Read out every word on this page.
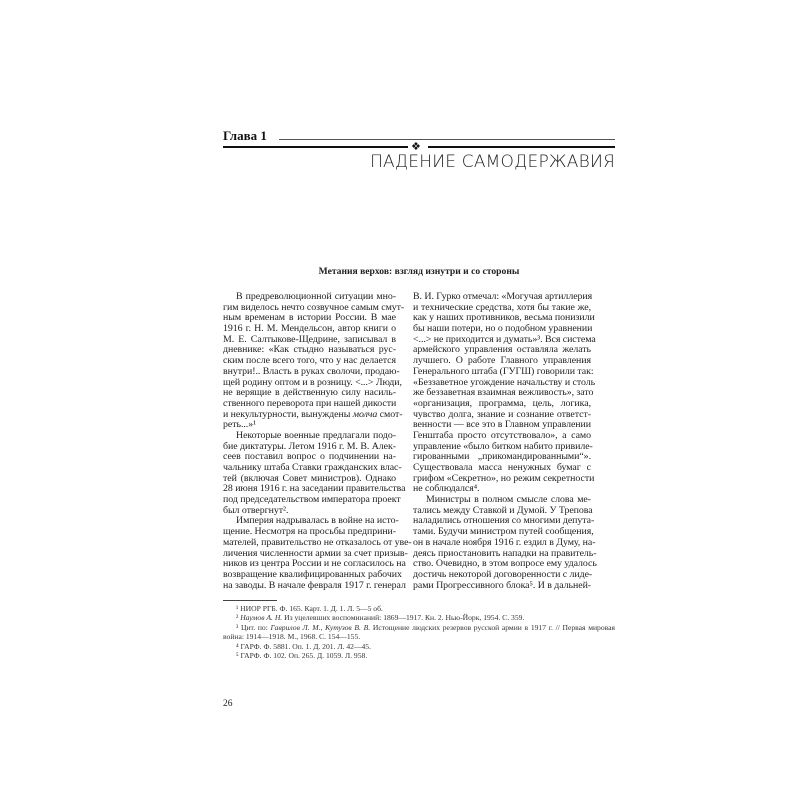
Глава 1
❖
ПАДЕНИЕ САМОДЕРЖАВИЯ
Метания верхов: взгляд изнутри и со стороны
В предреволюционной ситуации мно-
гим виделось нечто созвучное самым смут-
ным временам в истории России. В мае
1916 г. Н. М. Мендельсон, автор книги о
М. Е. Салтыкове-Щедрине, записывал в
дневнике: «Как стыдно называться рус-
ским после всего того, что у нас делается
внутри!.. Власть в руках сволочи, продаю-
щей родину оптом и в розницу. <...> Люди,
не верящие в действенную силу насиль-
ственного переворота при нашей дикости
и некультурности, вынуждены молча смот-
реть...»¹
Некоторые военные предлагали подо-
бие диктатуры. Летом 1916 г. М. В. Алек-
сеев поставил вопрос о подчинении на-
чальнику штаба Ставки гражданских влас-
тей (включая Совет министров). Однако
28 июня 1916 г. на заседании правительства
под председательством императора проект
был отвергнут².
Империя надрывалась в войне на исто-
щение. Несмотря на просьбы предприни-
мателей, правительство не отказалось от уве-
личения численности армии за счет призыв-
ников из центра России и не согласилось на
возвращение квалифицированных рабочих
на заводы. В начале февраля 1917 г. генерал
В. И. Гурко отмечал: «Могучая артиллерия
и технические средства, хотя бы такие же,
как у наших противников, весьма понизили
бы наши потери, но о подобном уравнении
<...> не приходится и думать»³. Вся система
армейского управления оставляла желать
лучшего. О работе Главного управления
Генерального штаба (ГУГШ) говорили так:
«Беззаветное угождение начальству и столь
же беззаветная взаимная вежливость», зато
«организация, программа, цель, логика,
чувство долга, знание и сознание ответст-
венности — все это в Главном управлении
Генштаба просто отсутствовало», а само
управление «было битком набито привиле-
гированными „прикомандированными“».
Существовала масса ненужных бумаг с
грифом «Секретно», но режим секретности
не соблюдался⁴.
Министры в полном смысле слова ме-
тались между Ставкой и Думой. У Трепова
наладились отношения со многими депута-
тами. Будучи министром путей сообщения,
он в начале ноября 1916 г. ездил в Думу, на-
деясь приостановить нападки на правитель-
ство. Очевидно, в этом вопросе ему удалось
достичь некоторой договоренности с лиде-
рами Прогрессивного блока⁵. И в дальней-
¹ НИОР РГБ. Ф. 165. Карт. 1. Д. 1. Л. 5—5 об.
² Наумов А. Н. Из уцелевших воспоминаний: 1869—1917. Кн. 2. Нью-Йорк, 1954. С. 359.
³ Цит. по: Гаврилов Л. М., Кутузов В. В. Истощение людских резервов русской армии в 1917 г. // Первая мировая война: 1914—1918. М., 1968. С. 154—155.
⁴ ГАРФ. Ф. 5881. Оп. 1. Д. 201. Л. 42—45.
⁵ ГАРФ. Ф. 102. Оп. 265. Д. 1059. Л. 958.
26
